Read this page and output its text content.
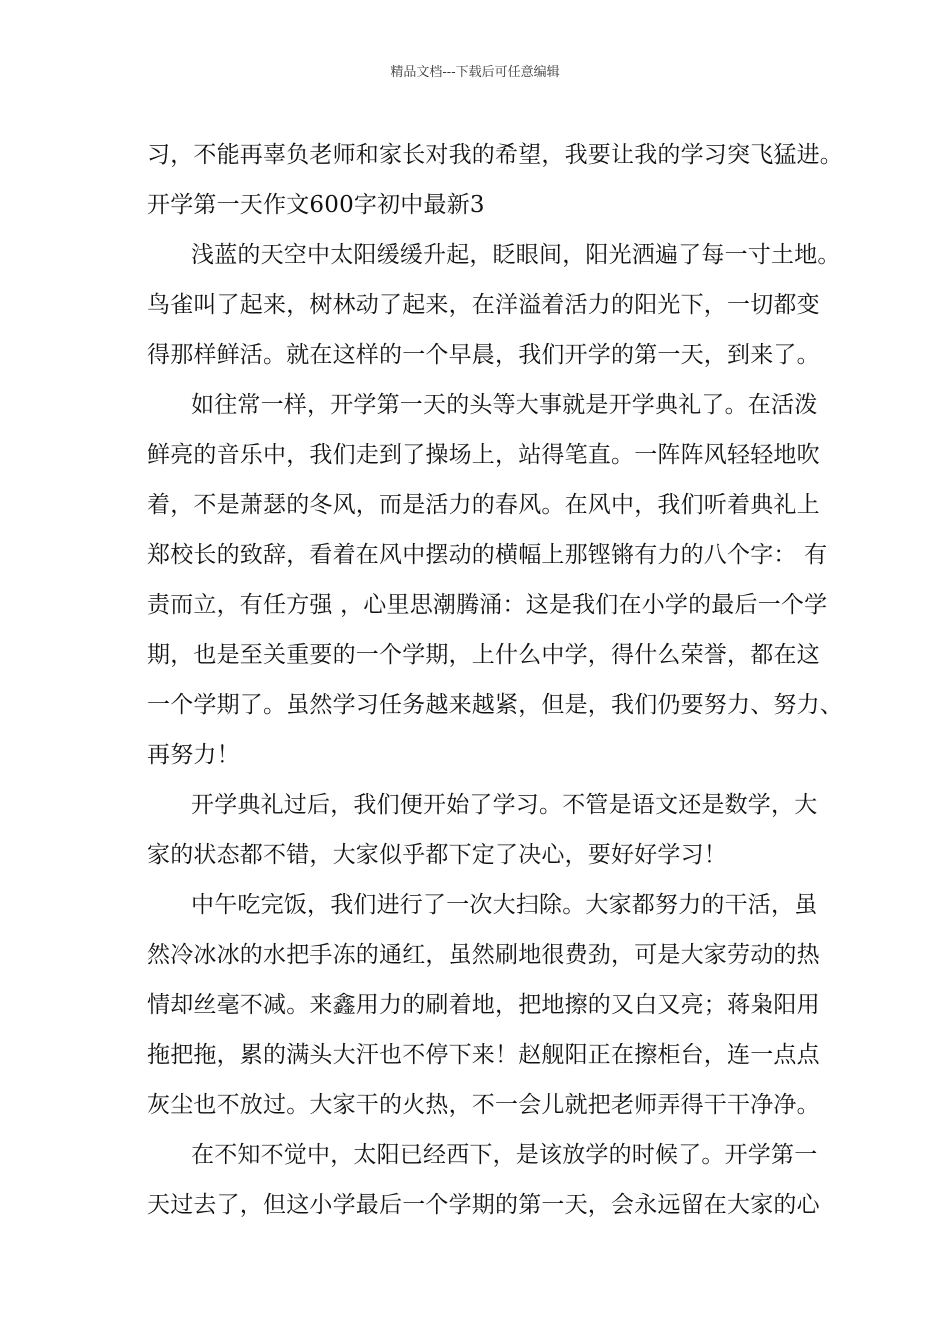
精品文档---下载后可任意编辑
习，不能再辜负老师和家长对我的希望，我要让我的学习突飞猛进。
开学第一天作文600字初中最新3
浅蓝的天空中太阳缓缓升起，眨眼间，阳光洒遍了每一寸土地。
鸟雀叫了起来，树林动了起来，在洋溢着活力的阳光下，一切都变
得那样鲜活。就在这样的一个早晨，我们开学的第一天，到来了。
如往常一样，开学第一天的头等大事就是开学典礼了。在活泼
鲜亮的音乐中，我们走到了操场上，站得笔直。一阵阵风轻轻地吹
着，不是萧瑟的冬风，而是活力的春风。在风中，我们听着典礼上
郑校长的致辞，看着在风中摆动的横幅上那铿锵有力的八个字： 有
责而立，有任方强 ，心里思潮腾涌：这是我们在小学的最后一个学
期，也是至关重要的一个学期，上什么中学，得什么荣誉，都在这
一个学期了。虽然学习任务越来越紧，但是，我们仍要努力、努力、
再努力！
开学典礼过后，我们便开始了学习。不管是语文还是数学，大
家的状态都不错，大家似乎都下定了决心，要好好学习！
中午吃完饭，我们进行了一次大扫除。大家都努力的干活，虽
然冷冰冰的水把手冻的通红，虽然刷地很费劲，可是大家劳动的热
情却丝毫不减。来鑫用力的刷着地，把地擦的又白又亮；蒋枭阳用
拖把拖，累的满头大汗也不停下来！赵舰阳正在擦柜台，连一点点
灰尘也不放过。大家干的火热，不一会儿就把老师弄得干干净净。
在不知不觉中，太阳已经西下，是该放学的时候了。开学第一
天过去了，但这小学最后一个学期的第一天，会永远留在大家的心
